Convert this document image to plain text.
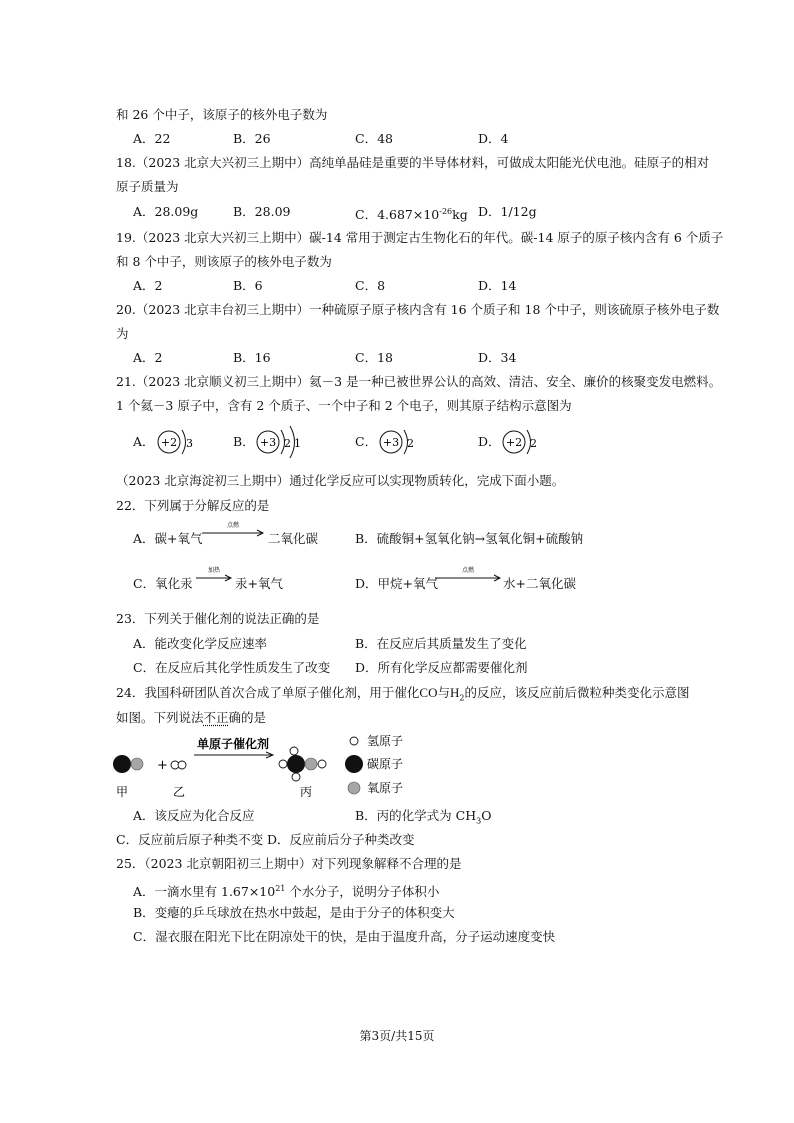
和 26 个中子，该原子的核外电子数为
A．22	B．26	C．48	D．4
18.（2023 北京大兴初三上期中）高纯单晶硅是重要的半导体材料，可做成太阳能光伏电池。硅原子的相对
原子质量为
A．28.09g	B．28.09	C．$4.687\times 10^{-26}kg$ D．1/12g
19.（2023 北京大兴初三上期中）碳-14 常用于测定古生物化石的年代。碳-14 原子的原子核内含有 6 个质子
和 8 个中子，则该原子的核外电子数为
A．2	B．6	C．8	D．14
20.（2023 北京丰台初三上期中）一种硫原子原子核内含有 16 个质子和 18 个中子，则该硫原子核外电子数
为
A．2	B．16	C．18	D．34
21.（2023 北京顺义初三上期中）氦－3 是一种已被世界公认的高效、清洁、安全、廉价的核聚变发电燃料。
1 个氦－3 原子中，含有 2 个质子、一个中子和 2 个电子，则其原子结构示意图为
A． +2 3	B． +3 2 1	C． +3 2	D． +2 2
（2023 北京海淀初三上期中）通过化学反应可以实现物质转化，完成下面小题。
22．下列属于分解反应的是
A．碳+氧气
点燃
二氧化碳	B．硫酸铜+氢氧化钠→氢氧化铜+硫酸钠
C．氧化汞
加热
汞+氧气	D．甲烷+氧气
点燃
水+二氧化碳
23．下列关于催化剂的说法正确的是
A．能改变化学反应速率	B．在反应后其质量发生了变化
C．在反应后其化学性质发生了改变 D．所有化学反应都需要催化剂
24．我国科研团队首次合成了单原子催化剂，用于催化CO与$H_2$的反应，该反应前后微粒种类变化示意图
如图。下列说法不正确的是
+
单原子催化剂
甲	乙	丙
氢原子
碳原子
氧原子
A．该反应为化合反应	B．丙的化学式为 $CH_3O$
C．反应前后原子种类不变 D．反应前后分子种类改变
25．（2023 北京朝阳初三上期中）对下列现象解释不合理的是
A．一滴水里有 $1.67\times 10^{21}$ 个水分子，说明分子体积小
B．变瘪的乒乓球放在热水中鼓起，是由于分子的体积变大
C．湿衣服在阳光下比在阴凉处干的快，是由于温度升高，分子运动速度变快
第3页/共15页
